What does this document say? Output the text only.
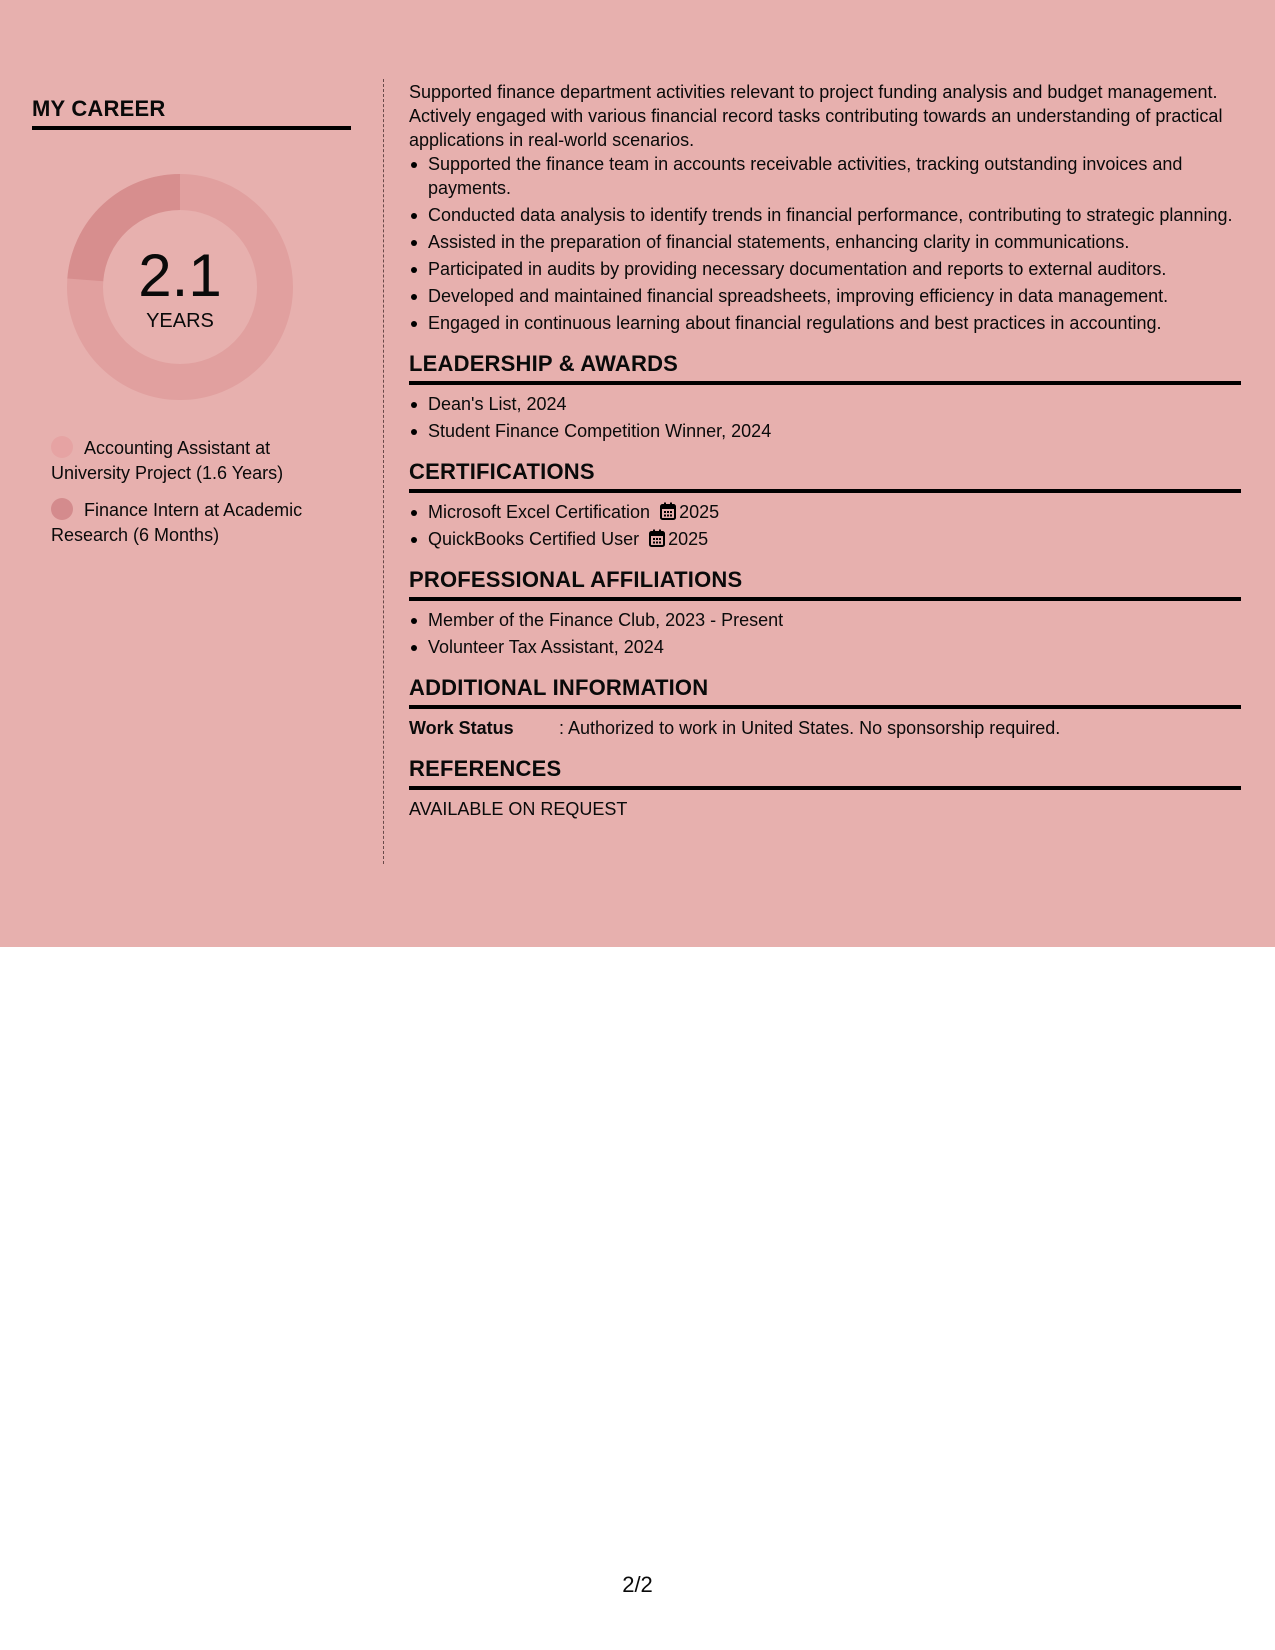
MY CAREER
2.1
YEARS
Accounting Assistant at University Project (1.6 Years)
Finance Intern at Academic Research (6 Months)

Supported finance department activities relevant to project funding analysis and budget management. Actively engaged with various financial record tasks contributing towards an understanding of practical applications in real-world scenarios.

Supported the finance team in accounts receivable activities, tracking outstanding invoices and payments.
Conducted data analysis to identify trends in financial performance, contributing to strategic planning.
Assisted in the preparation of financial statements, enhancing clarity in communications.
Participated in audits by providing necessary documentation and reports to external auditors.
Developed and maintained financial spreadsheets, improving efficiency in data management.
Engaged in continuous learning about financial regulations and best practices in accounting.
LEADERSHIP & AWARDS
Dean's List, 2024
Student Finance Competition Winner, 2024
CERTIFICATIONS
Microsoft Excel Certification 2025
QuickBooks Certified User 2025
PROFESSIONAL AFFILIATIONS
Member of the Finance Club, 2023 - Present
Volunteer Tax Assistant, 2024
ADDITIONAL INFORMATION
Work Status	: Authorized to work in United States. No sponsorship required.
REFERENCES
AVAILABLE ON REQUEST
2/2
